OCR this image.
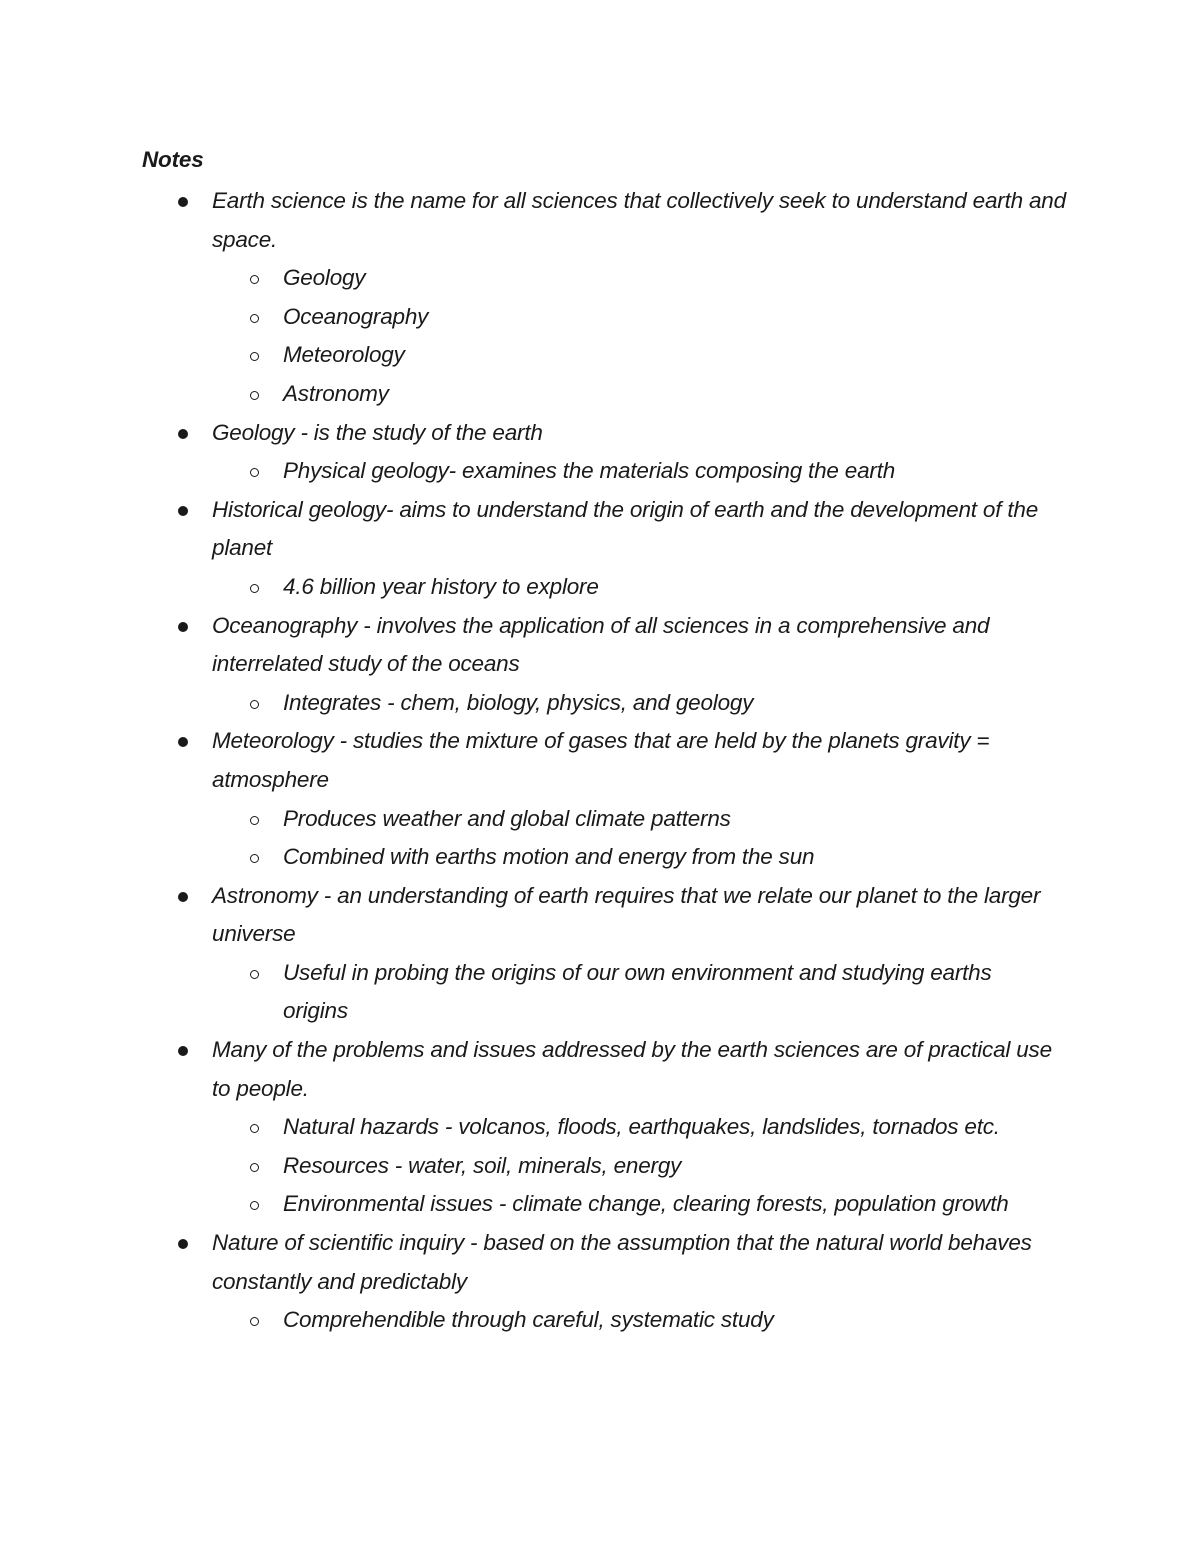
Notes
Earth science is the name for all sciences that collectively seek to understand earth and space.
Geology
Oceanography
Meteorology
Astronomy
Geology - is the study of the earth
Physical geology- examines the materials composing the earth
Historical geology- aims to understand the origin of earth and the development of the planet
4.6 billion year history to explore
Oceanography - involves the application of all sciences in a comprehensive and interrelated study of the oceans
Integrates - chem, biology, physics, and geology
Meteorology - studies the mixture of gases that are held by the planets gravity = atmosphere
Produces weather and global climate patterns
Combined with earths motion and energy from the sun
Astronomy - an understanding of earth requires that we relate our planet to the larger universe
Useful in probing the origins of our own environment and studying earths origins
Many of the problems and issues addressed by the earth sciences are of practical use to people.
Natural hazards - volcanos, floods, earthquakes, landslides, tornados etc.
Resources - water, soil, minerals, energy
Environmental issues - climate change, clearing forests, population growth
Nature of scientific inquiry - based on the assumption that the natural world behaves constantly and predictably
Comprehendible through careful, systematic study
